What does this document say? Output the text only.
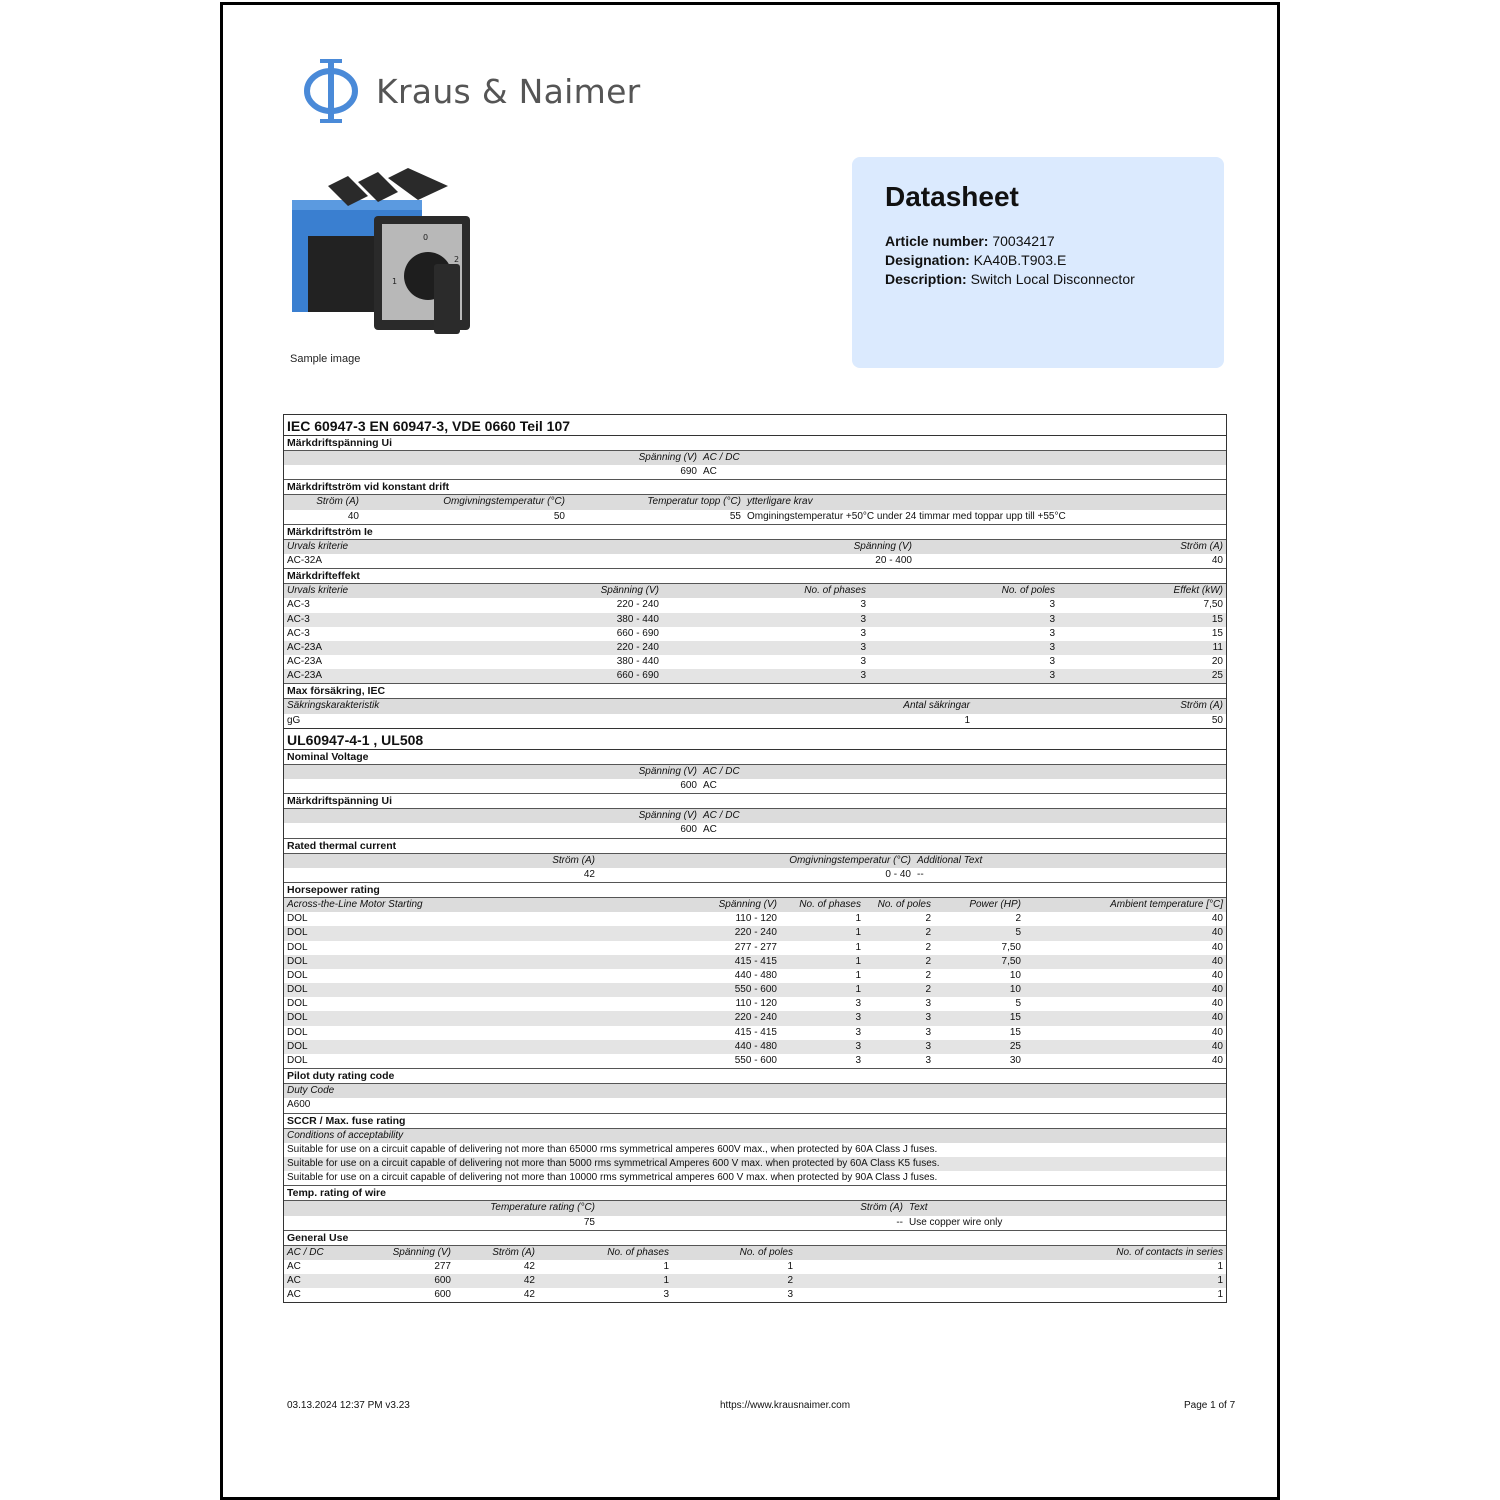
Kraus & Naimer
0
1
2
Sample image
Datasheet
Article number: 70034217
Designation: KA40B.T903.E
Description: Switch Local Disconnector
IEC 60947-3 EN 60947-3, VDE 0660 Teil 107
Märkdriftspänning Ui
Spänning (V) AC / DC
690 AC
Märkdriftström vid konstant drift
Ström (A)	Omgivningstemperatur (°C)	Temperatur topp (°C) ytterligare krav
40	50	55 Omginingstemperatur +50°C under 24 timmar med toppar upp till +55°C
Märkdriftström Ie
Urvals kriterie	Spänning (V)	Ström (A)
AC-32A	20 - 400	40
Märkdrifteffekt
Urvals kriterie	Spänning (V)	No. of phases	No. of poles	Effekt (kW)
AC-3	220 - 240	3	3	7,50
AC-3	380 - 440	3	3	15
AC-3	660 - 690	3	3	15
AC-23A	220 - 240	3	3	11
AC-23A	380 - 440	3	3	20
AC-23A	660 - 690	3	3	25
Max försäkring, IEC
Säkringskarakteristik	Antal säkringar	Ström (A)
gG	1	50
UL60947-4-1 , UL508
Nominal Voltage
Spänning (V) AC / DC
600 AC
Märkdriftspänning Ui
Spänning (V) AC / DC
600 AC
Rated thermal current
Ström (A)	Omgivningstemperatur (°C) Additional Text
42	0 - 40 --
Horsepower rating
Across-the-Line Motor Starting	Spänning (V)	No. of phases	No. of poles	Power (HP)	Ambient temperature [°C]
DOL	110 - 120	1	2	2	40
DOL	220 - 240	1	2	5	40
DOL	277 - 277	1	2	7,50	40
DOL	415 - 415	1	2	7,50	40
DOL	440 - 480	1	2	10	40
DOL	550 - 600	1	2	10	40
DOL	110 - 120	3	3	5	40
DOL	220 - 240	3	3	15	40
DOL	415 - 415	3	3	15	40
DOL	440 - 480	3	3	25	40
DOL	550 - 600	3	3	30	40
Pilot duty rating code
Duty Code
A600
SCCR / Max. fuse rating
Conditions of acceptability
Suitable for use on a circuit capable of delivering not more than 65000 rms symmetrical amperes 600V max., when protected by 60A Class J fuses.
Suitable for use on a circuit capable of delivering not more than 5000 rms symmetrical Amperes 600 V max. when protected by 60A Class K5 fuses.
Suitable for use on a circuit capable of delivering not more than 10000 rms symmetrical amperes 600 V max. when protected by 90A Class J fuses.
Temp. rating of wire
Temperature rating (°C)	Ström (A) Text
75	-- Use copper wire only
General Use
AC / DC	Spänning (V)	Ström (A)	No. of phases	No. of poles	No. of contacts in series
AC	277	42	1	1	1
AC	600	42	1	2	1
AC	600	42	3	3	1
03.13.2024 12:37 PM v3.23	https://www.krausnaimer.com	Page 1 of 7
